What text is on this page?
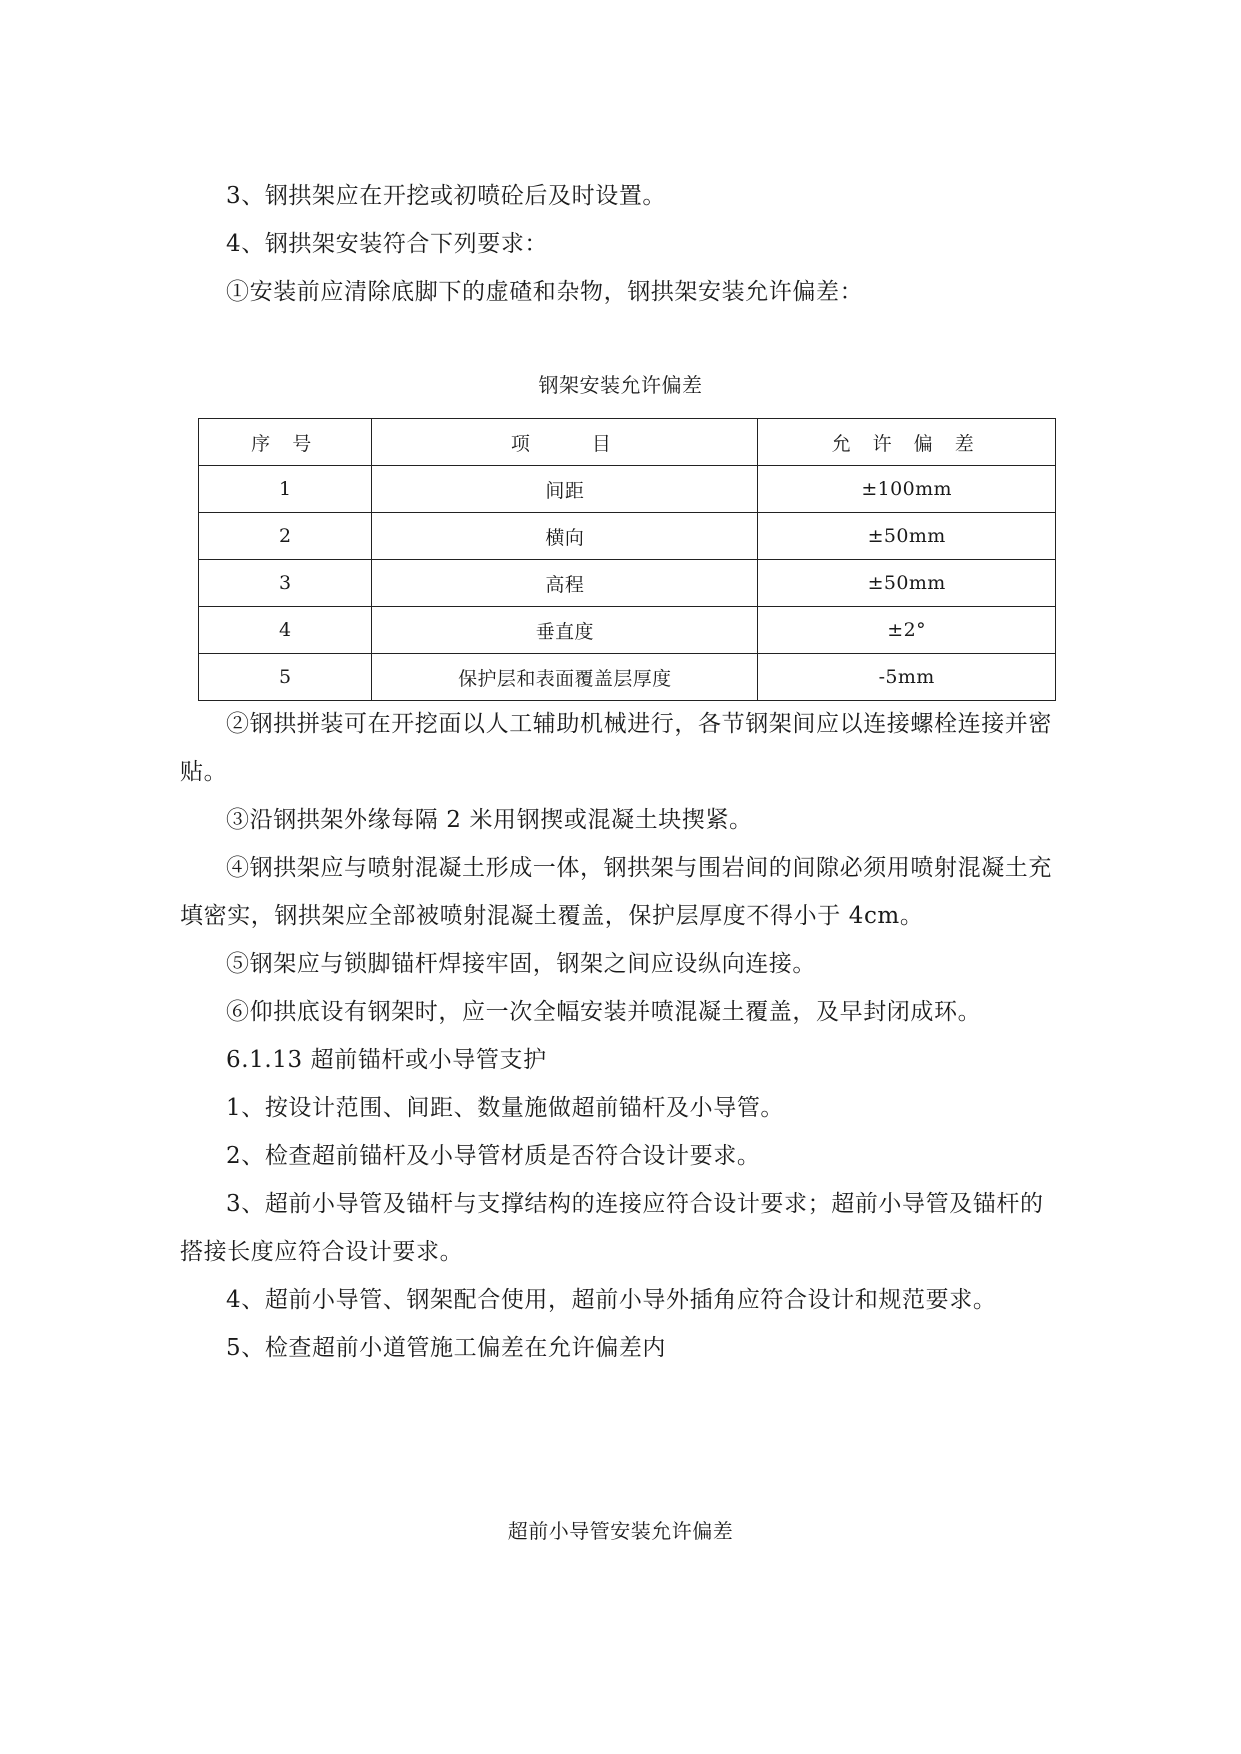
3、钢拱架应在开挖或初喷砼后及时设置。

4、钢拱架安装符合下列要求：

①安装前应清除底脚下的虚碴和杂物，钢拱架安装允许偏差：

钢架安装允许偏差
序 号	项　　目	允 许 偏 差
1	间距	±100mm
2	横向	±50mm
3	高程	±50mm
4	垂直度	±2°
5	保护层和表面覆盖层厚度	-5mm

②钢拱拼装可在开挖面以人工辅助机械进行，各节钢架间应以连接螺栓连接并密贴。

③沿钢拱架外缘每隔 2 米用钢揳或混凝土块揳紧。

④钢拱架应与喷射混凝土形成一体，钢拱架与围岩间的间隙必须用喷射混凝土充填密实，钢拱架应全部被喷射混凝土覆盖，保护层厚度不得小于 4cm。

⑤钢架应与锁脚锚杆焊接牢固，钢架之间应设纵向连接。

⑥仰拱底设有钢架时，应一次全幅安装并喷混凝土覆盖，及早封闭成环。

6.1.13 超前锚杆或小导管支护

1、按设计范围、间距、数量施做超前锚杆及小导管。

2、检查超前锚杆及小导管材质是否符合设计要求。

3、超前小导管及锚杆与支撑结构的连接应符合设计要求；超前小导管及锚杆的搭接长度应符合设计要求。

4、超前小导管、钢架配合使用，超前小导外插角应符合设计和规范要求。

5、检查超前小道管施工偏差在允许偏差内

超前小导管安装允许偏差
